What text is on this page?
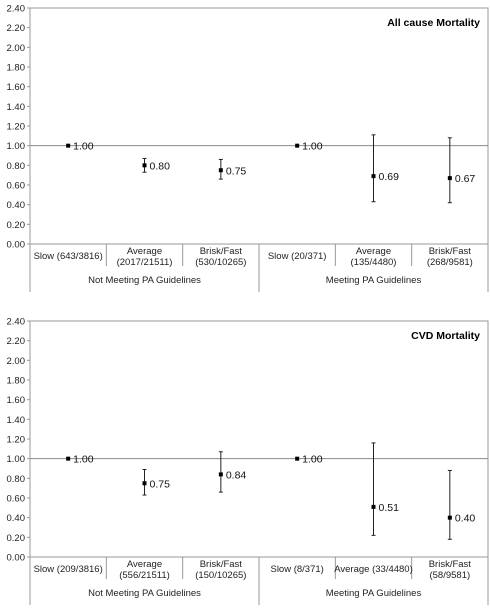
0.00
0.20
0.40
0.60
0.80
1.00
1.20
1.40
1.60
1.80
2.00
2.20
2.40
All cause Mortality
Slow (643/3816)	Average
(2017/21511)
Brisk/Fast
(530/10265)
Slow (20/371)	Average
(135/4480)
Brisk/Fast
(268/9581)
Not Meeting PA Guidelines	Meeting PA Guidelines
1.00
0.80	0.75
1.00
0.69	0.67
0.00
0.20
0.40
0.60
0.80
1.00
1.20
1.40
1.60
1.80
2.00
2.20
2.40
CVD Mortality
Slow (209/3816)	Average
(556/21511)
Brisk/Fast
(150/10265)
Slow (8/371) Average (33/4480) Brisk/Fast
(58/9581)
Not Meeting PA Guidelines	Meeting PA Guidelines
1.00
0.75
0.84
1.00
0.51
0.40
